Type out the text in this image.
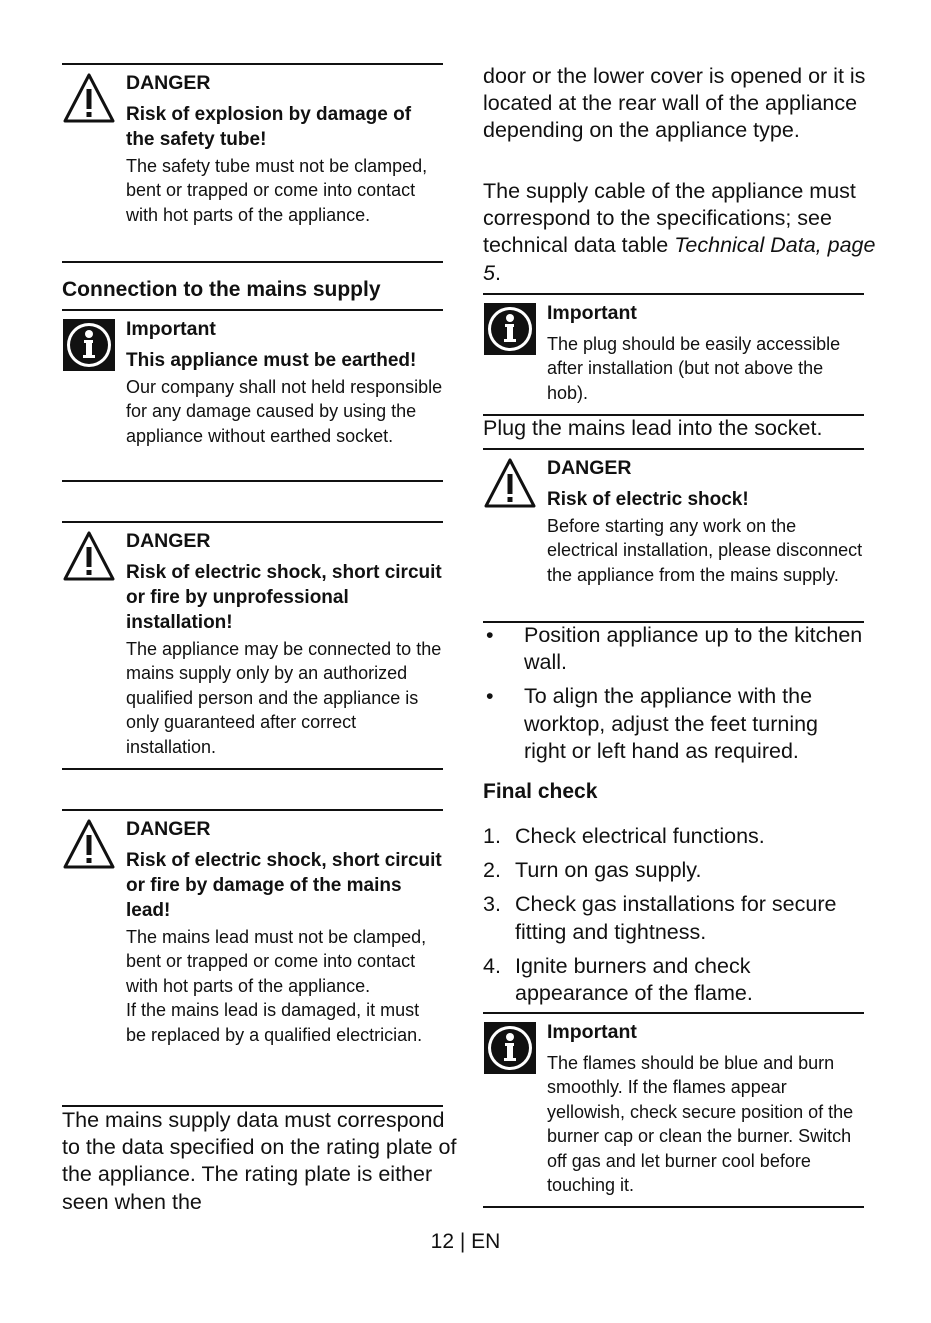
DANGER
Risk of explosion by damage of the safety tube!
The safety tube must not be clamped, bent or trapped or come into contact with hot parts of the appliance.
Connection to the mains supply
Important
This appliance must be earthed!
Our company shall not held responsible for any damage caused by using the appliance without earthed socket.
DANGER
Risk of electric shock, short circuit or fire by unprofessional installation!
The appliance may be connected to the mains supply only by an authorized qualified person and the appliance is only guaranteed after correct installation.
DANGER
Risk of electric shock, short circuit or fire by damage of the mains lead!
The mains lead must not be clamped, bent or trapped or come into contact with hot parts of the appliance.
If the mains lead is damaged, it must be replaced by a qualified electrician.
The mains supply data must correspond to the data specified on the rating plate of the appliance. The rating plate is either seen when the
door or the lower cover is opened or it is located at the rear wall of the appliance depending on the appliance type.
The supply cable of the appliance must correspond to the specifications; see technical data table Technical Data, page 5.
Important
The plug should be easily accessible after installation (but not above the hob).
Plug the mains lead into the socket.
DANGER
Risk of electric shock!
Before starting any work on the electrical installation, please disconnect the appliance from the mains supply.
• Position appliance up to the kitchen wall.
• To align the appliance with the worktop, adjust the feet turning right or left hand as required.
Final check
1. Check electrical functions.
2. Turn on gas supply.
3. Check gas installations for secure fitting and tightness.
4. Ignite burners and check appearance of the flame.
Important
The flames should be blue and burn smoothly. If the flames appear yellowish, check secure position of the burner cap or clean the burner. Switch off gas and let burner cool before touching it.
12 | EN
